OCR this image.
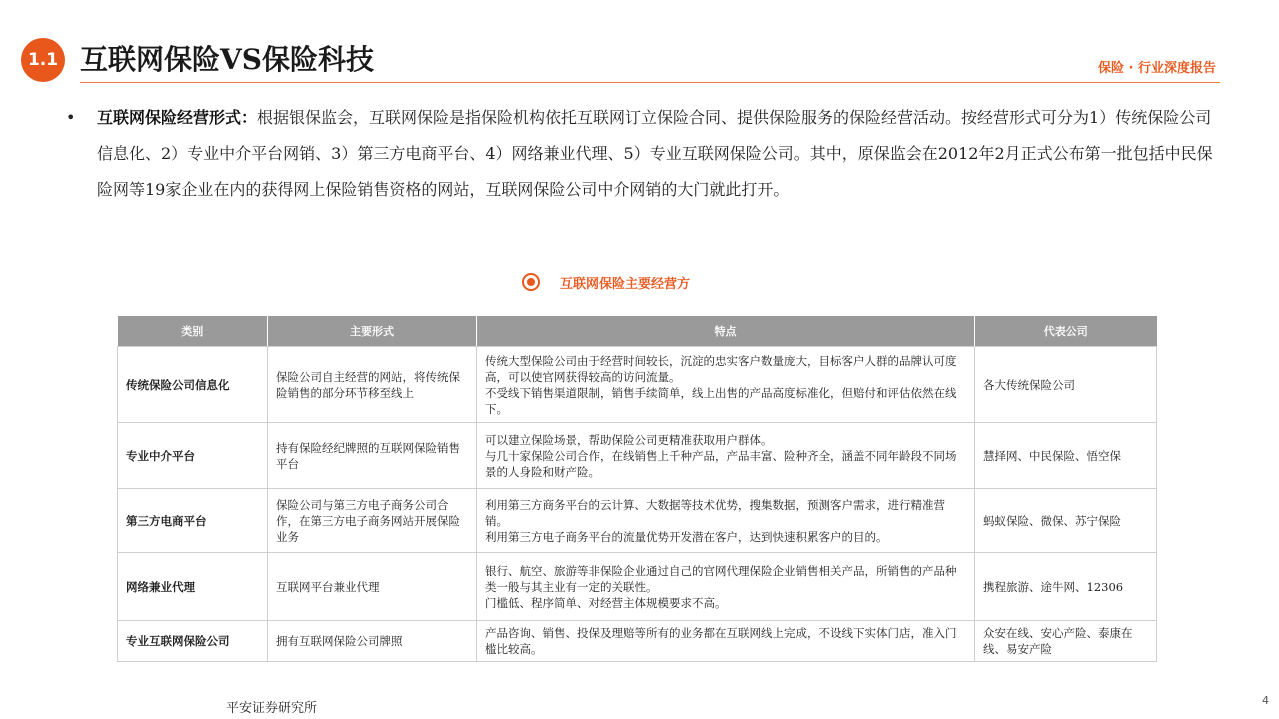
1.1 互联网保险VS保险科技	保险 · 行业深度报告
• 互联网保险经营形式：根据银保监会，互联网保险是指保险机构依托互联网订立保险合同、提供保险服务的保险经营活动。按经营形式可分为1）传统保险公司信息化、2）专业中介平台网销、3）第三方电商平台、4）网络兼业代理、5）专业互联网保险公司。其中，原保监会在2012年2月正式公布第一批包括中民保险网等19家企业在内的获得网上保险销售资格的网站，互联网保险公司中介网销的大门就此打开。
互联网保险主要经营方
类别	主要形式	特点	代表公司
传统保险公司信息化	保险公司自主经营的网站，将传统保险销售的部分环节移至线上	传统大型保险公司由于经营时间较长，沉淀的忠实客户数量庞大，目标客户人群的品牌认可度高，可以使官网获得较高的访问流量。
不受线下销售渠道限制，销售手续简单，线上出售的产品高度标准化，但赔付和评估依然在线下。	各大传统保险公司
专业中介平台	持有保险经纪牌照的互联网保险销售平台	可以建立保险场景，帮助保险公司更精准获取用户群体。
与几十家保险公司合作，在线销售上千种产品，产品丰富、险种齐全，涵盖不同年龄段不同场景的人身险和财产险。	慧择网、中民保险、悟空保
第三方电商平台	保险公司与第三方电子商务公司合作，在第三方电子商务网站开展保险业务	利用第三方商务平台的云计算、大数据等技术优势，搜集数据，预测客户需求，进行精准营销。
利用第三方电子商务平台的流量优势开发潜在客户，达到快速积累客户的目的。	蚂蚁保险、微保、苏宁保险
网络兼业代理	互联网平台兼业代理	银行、航空、旅游等非保险企业通过自己的官网代理保险企业销售相关产品，所销售的产品种类一般与其主业有一定的关联性。
门槛低、程序简单、对经营主体规模要求不高。	携程旅游、途牛网、12306
专业互联网保险公司	拥有互联网保险公司牌照	产品咨询、销售、投保及理赔等所有的业务都在互联网线上完成，不设线下实体门店，准入门槛比较高。	众安在线、安心产险、泰康在线、易安产险
平安证券研究所
4
